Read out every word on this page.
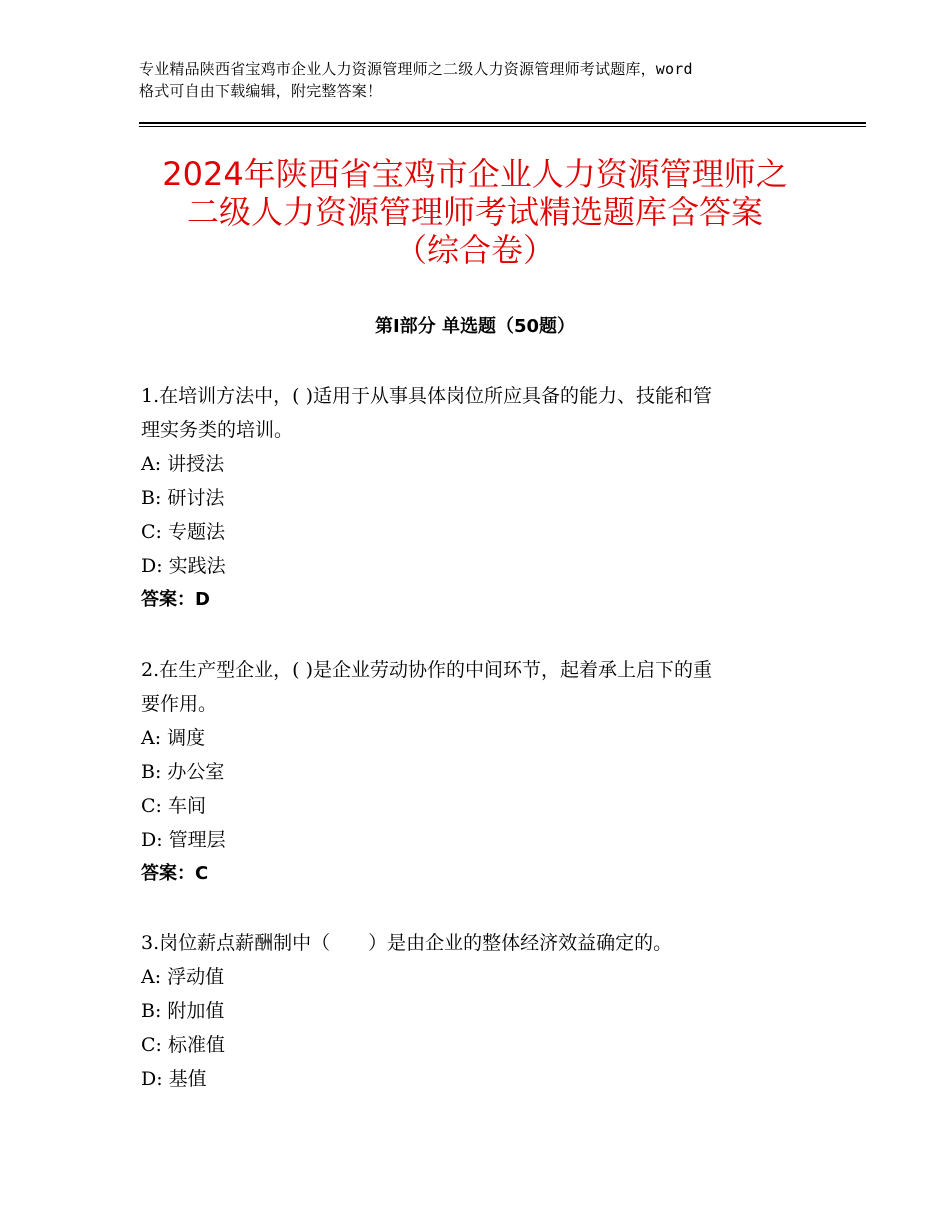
专业精品陕西省宝鸡市企业人力资源管理师之二级人力资源管理师考试题库，word
格式可自由下载编辑，附完整答案！
2024年陕西省宝鸡市企业人力资源管理师之
二级人力资源管理师考试精选题库含答案
（综合卷）
第Ⅰ部分 单选题（50题）

1.在培训方法中，( )适用于从事具体岗位所应具备的能力、技能和管

理实务类的培训。

A: 讲授法

B: 研讨法

C: 专题法

D: 实践法

答案：D

2.在生产型企业，( )是企业劳动协作的中间环节，起着承上启下的重

要作用。

A: 调度

B: 办公室

C: 车间

D: 管理层

答案：C

3.岗位薪点薪酬制中（　　）是由企业的整体经济效益确定的。

A: 浮动值

B: 附加值

C: 标准值

D: 基值
